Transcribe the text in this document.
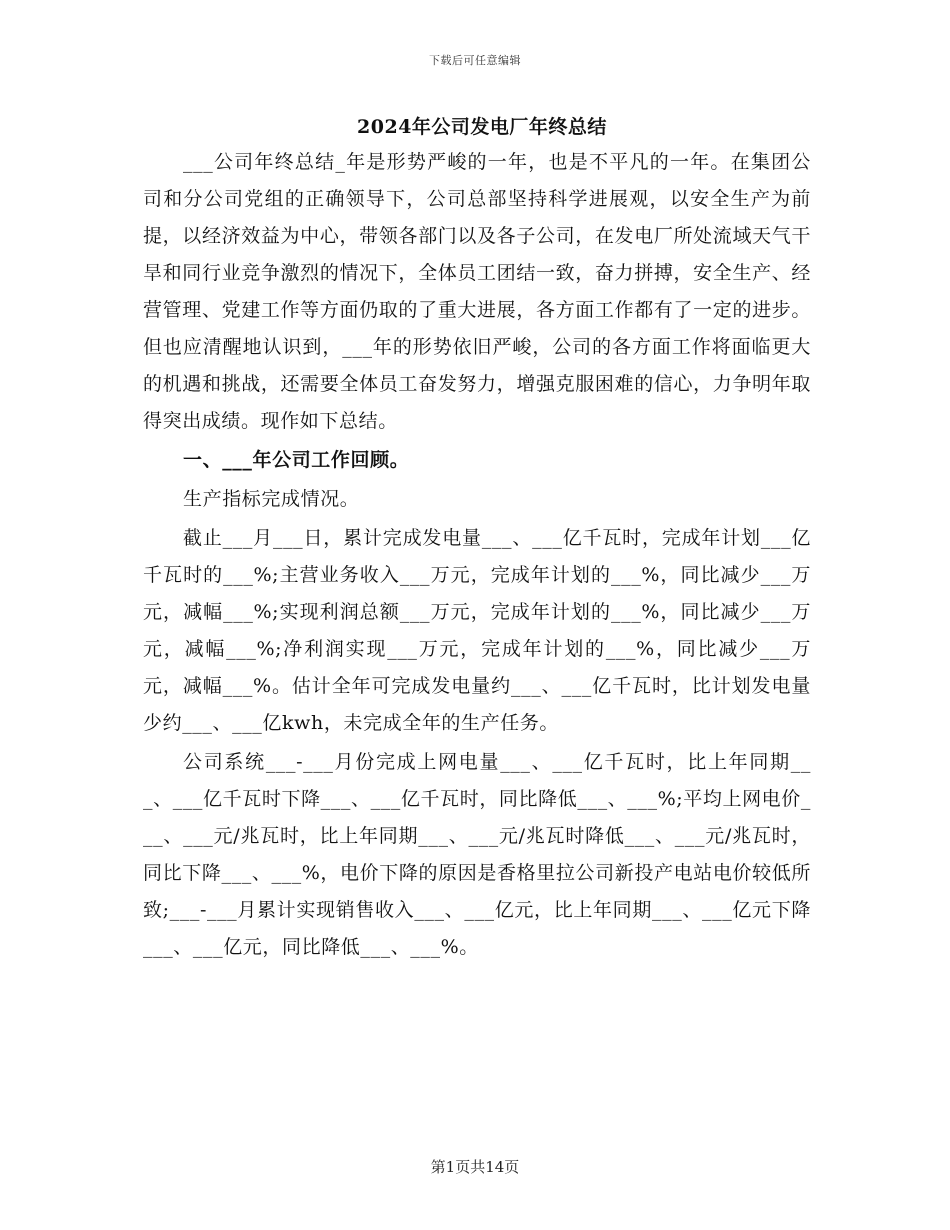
下载后可任意编辑
2024年公司发电厂年终总结

___公司年终总结_年是形势严峻的一年，也是不平凡的一年。在集团公司和分公司党组的正确领导下，公司总部坚持科学进展观，以安全生产为前提，以经济效益为中心，带领各部门以及各子公司，在发电厂所处流域天气干旱和同行业竞争激烈的情况下，全体员工团结一致，奋力拼搏，安全生产、经营管理、党建工作等方面仍取的了重大进展，各方面工作都有了一定的进步。但也应清醒地认识到，___年的形势依旧严峻，公司的各方面工作将面临更大的机遇和挑战，还需要全体员工奋发努力，增强克服困难的信心，力争明年取得突出成绩。现作如下总结。

一、___年公司工作回顾。

生产指标完成情况。

截止___月___日，累计完成发电量___、___亿千瓦时，完成年计划___亿千瓦时的___%;主营业务收入___万元，完成年计划的___%，同比减少___万元，减幅___%;实现利润总额___万元，完成年计划的___%，同比减少___万元，减幅___%;净利润实现___万元，完成年计划的___%，同比减少___万元，减幅___%。估计全年可完成发电量约___、___亿千瓦时，比计划发电量少约___、___亿kwh，未完成全年的生产任务。

公司系统___-___月份完成上网电量___、___亿千瓦时，比上年同期___、___亿千瓦时下降___、___亿千瓦时，同比降低___、___%;平均上网电价___、___元/兆瓦时，比上年同期___、___元/兆瓦时降低___、___元/兆瓦时，同比下降___、___%，电价下降的原因是香格里拉公司新投产电站电价较低所致;___-___月累计实现销售收入___、___亿元，比上年同期___、___亿元下降___、___亿元，同比降低___、___%。

第1页共14页
